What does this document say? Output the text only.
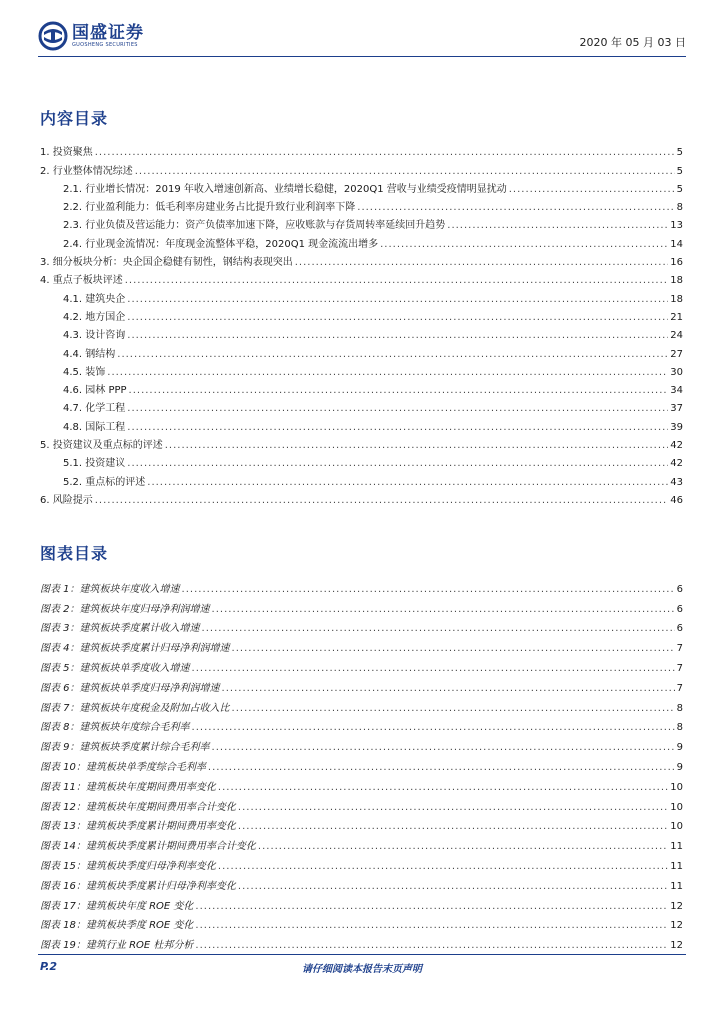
国盛证券
GUOSHENG SECURITIES	2020 年 05 月 03 日
内容目录
1. 投资聚焦 .....	5
2. 行业整体情况综述 .....	5
2.1. 行业增长情况：2019 年收入增速创新高、业绩增长稳健，2020Q1 营收与业绩受疫情明显扰动 .....	5
2.2. 行业盈利能力：低毛利率房建业务占比提升致行业利润率下降 .....	8
2.3. 行业负债及营运能力：资产负债率加速下降，应收账款与存货周转率延续回升趋势 .....	13
2.4. 行业现金流情况：年度现金流整体平稳，2020Q1 现金流流出增多 .....	14
3. 细分板块分析：央企国企稳健有韧性，钢结构表现突出 .....	16
4. 重点子板块评述 .....	18
4.1. 建筑央企 .....	18
4.2. 地方国企 .....	21
4.3. 设计咨询 .....	24
4.4. 钢结构 .....	27
4.5. 装饰 .....	30
4.6. 园林 PPP .....	34
4.7. 化学工程 .....	37
4.8. 国际工程 .....	39
5. 投资建议及重点标的评述 .....	42
5.1. 投资建议 .....	42
5.2. 重点标的评述 .....	43
6. 风险提示 .....	46
图表目录
图表 1：建筑板块年度收入增速 .....	6
图表 2：建筑板块年度归母净利润增速 .....	6
图表 3：建筑板块季度累计收入增速 .....	6
图表 4：建筑板块季度累计归母净利润增速 .....	7
图表 5：建筑板块单季度收入增速 .....	7
图表 6：建筑板块单季度归母净利润增速 .....	7
图表 7：建筑板块年度税金及附加占收入比 .....	8
图表 8：建筑板块年度综合毛利率 .....	8
图表 9：建筑板块季度累计综合毛利率 .....	9
图表 10：建筑板块单季度综合毛利率 .....	9
图表 11：建筑板块年度期间费用率变化 .....	10
图表 12：建筑板块年度期间费用率合计变化 .....	10
图表 13：建筑板块季度累计期间费用率变化 .....	10
图表 14：建筑板块季度累计期间费用率合计变化 .....	11
图表 15：建筑板块季度归母净利率变化 .....	11
图表 16：建筑板块季度累计归母净利率变化 .....	11
图表 17：建筑板块年度 ROE 变化 .....	12
图表 18：建筑板块季度 ROE 变化 .....	12
图表 19：建筑行业 ROE 杜邦分析 .....	12
P.2	请仔细阅读本报告末页声明
